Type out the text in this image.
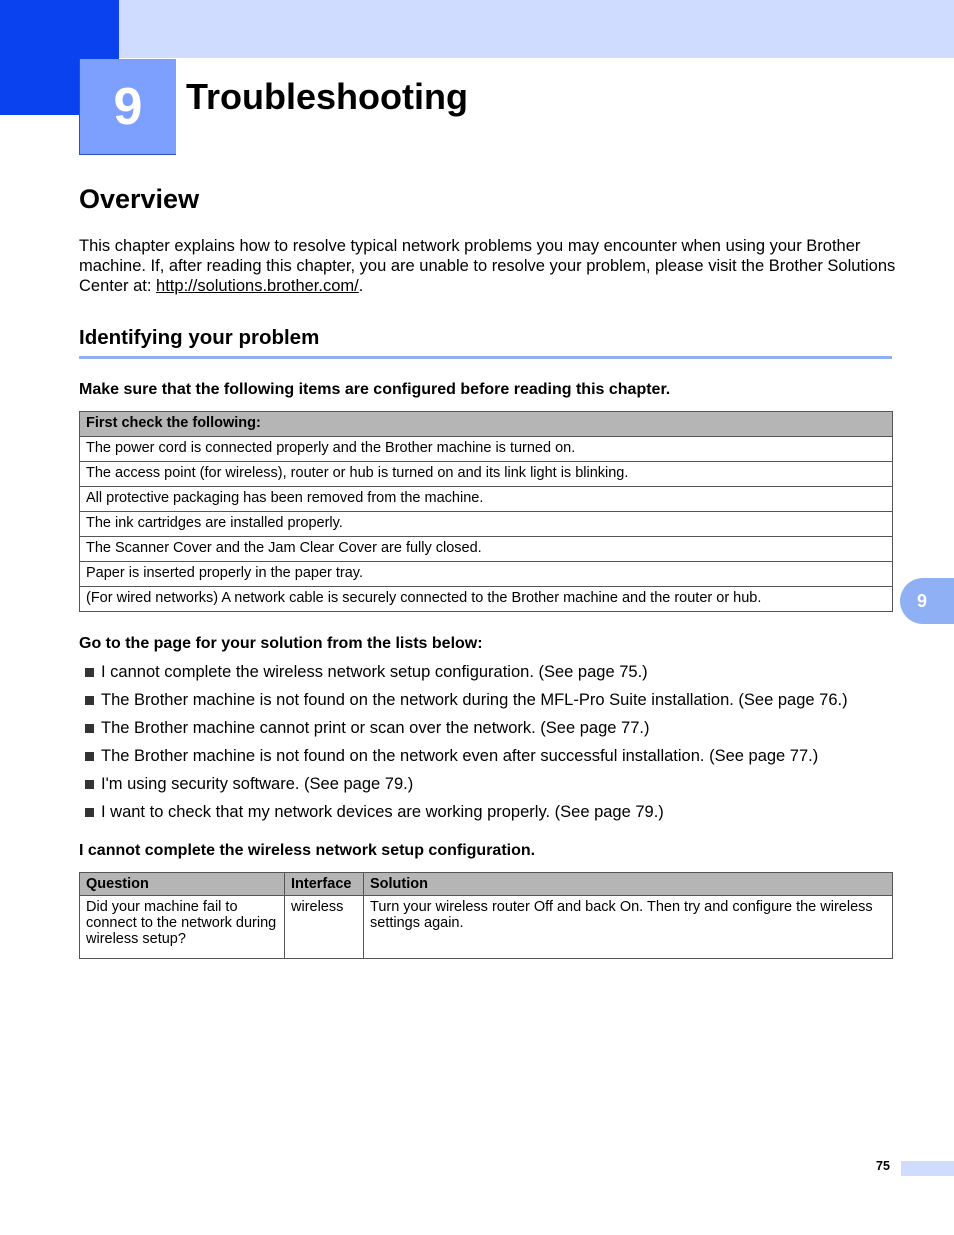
9	Troubleshooting
Overview

This chapter explains how to resolve typical network problems you may encounter when using your Brother machine. If, after reading this chapter, you are unable to resolve your problem, please visit the Brother Solutions Center at: http://solutions.brother.com/.

Identifying your problem

Make sure that the following items are configured before reading this chapter.

First check the following:
The power cord is connected properly and the Brother machine is turned on.
The access point (for wireless), router or hub is turned on and its link light is blinking.
All protective packaging has been removed from the machine.
The ink cartridges are installed properly.
The Scanner Cover and the Jam Clear Cover are fully closed.
Paper is inserted properly in the paper tray.
(For wired networks) A network cable is securely connected to the Brother machine and the router or hub.

Go to the page for your solution from the lists below:

I cannot complete the wireless network setup configuration. (See page 75.)
The Brother machine is not found on the network during the MFL-Pro Suite installation. (See page 76.)
The Brother machine cannot print or scan over the network. (See page 77.)
The Brother machine is not found on the network even after successful installation. (See page 77.)
I'm using security software. (See page 79.)
I want to check that my network devices are working properly. (See page 79.)

I cannot complete the wireless network setup configuration.

Question	Interface	Solution
Did your machine fail to connect to the network during wireless setup?	wireless	Turn your wireless router Off and back On. Then try and configure the wireless settings again.
9
75
